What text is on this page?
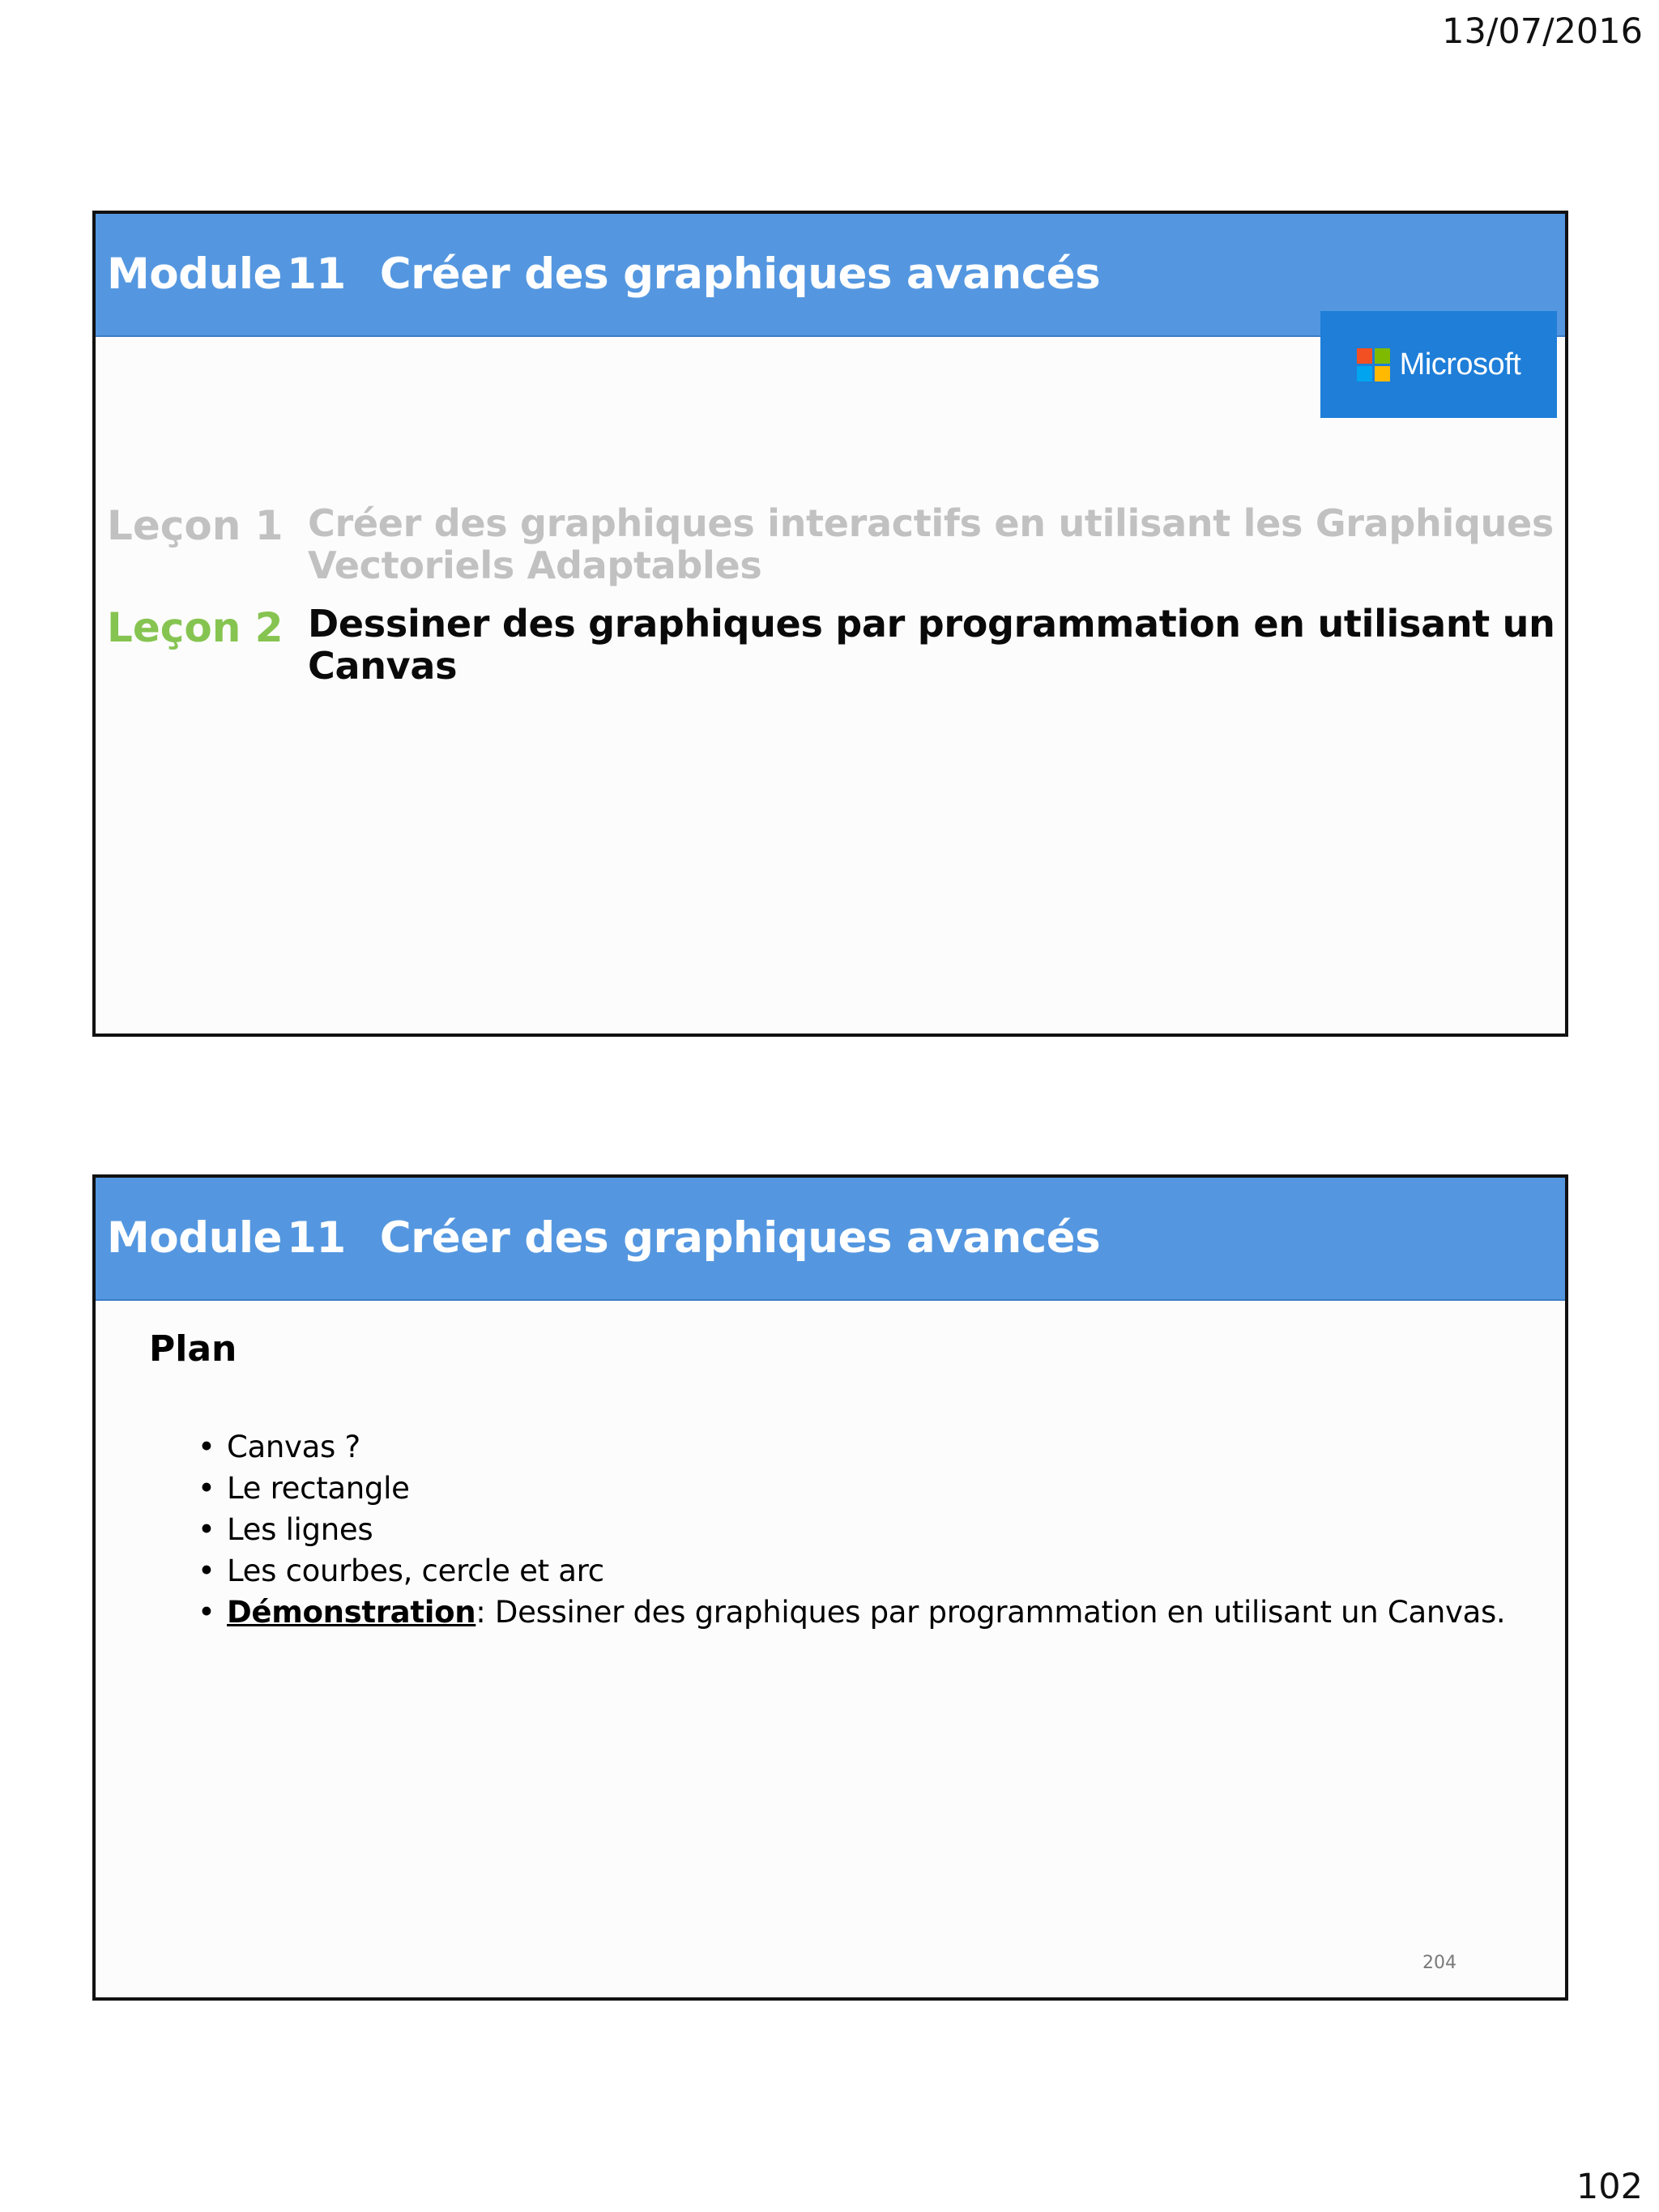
13/07/2016
Module 11 Créer des graphiques avancés
Microsoft
Leçon 1 Créer des graphiques interactifs en utilisant les Graphiques Vectoriels Adaptables
Leçon 2 Dessiner des graphiques par programmation en utilisant un Canvas
Module 11 Créer des graphiques avancés
Plan
• Canvas ?
• Le rectangle
• Les lignes
• Les courbes, cercle et arc
• Démonstration: Dessiner des graphiques par programmation en utilisant un Canvas.
204
102
